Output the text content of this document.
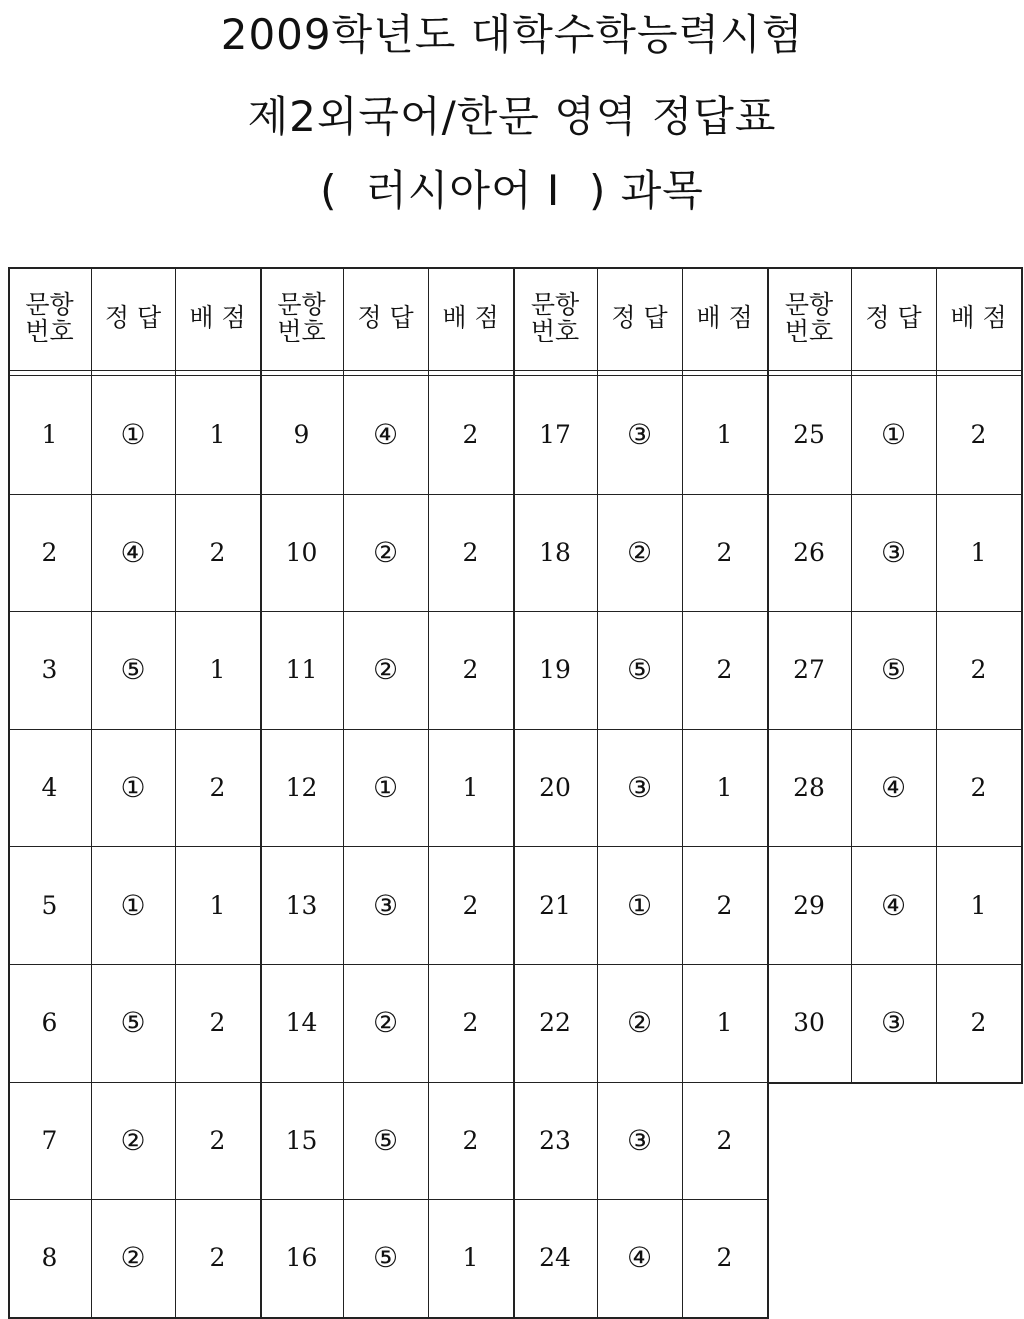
2009학년도 대학수학능력시험
제2외국어/한문 영역 정답표
(  러시아어 I  ) 과목
문항
번호	정 답	배 점
1	①	1
2	④	2
3	⑤	1
4	①	2
5	①	1
6	⑤	2
7	②	2
8	②	2
문항
번호	정 답	배 점
9	④	2
10	②	2
11	②	2
12	①	1
13	③	2
14	②	2
15	⑤	2
16	⑤	1
문항
번호	정 답	배 점
17	③	1
18	②	2
19	⑤	2
20	③	1
21	①	2
22	②	1
23	③	2
24	④	2
문항
번호	정 답	배 점
25	①	2
26	③	1
27	⑤	2
28	④	2
29	④	1
30	③	2
